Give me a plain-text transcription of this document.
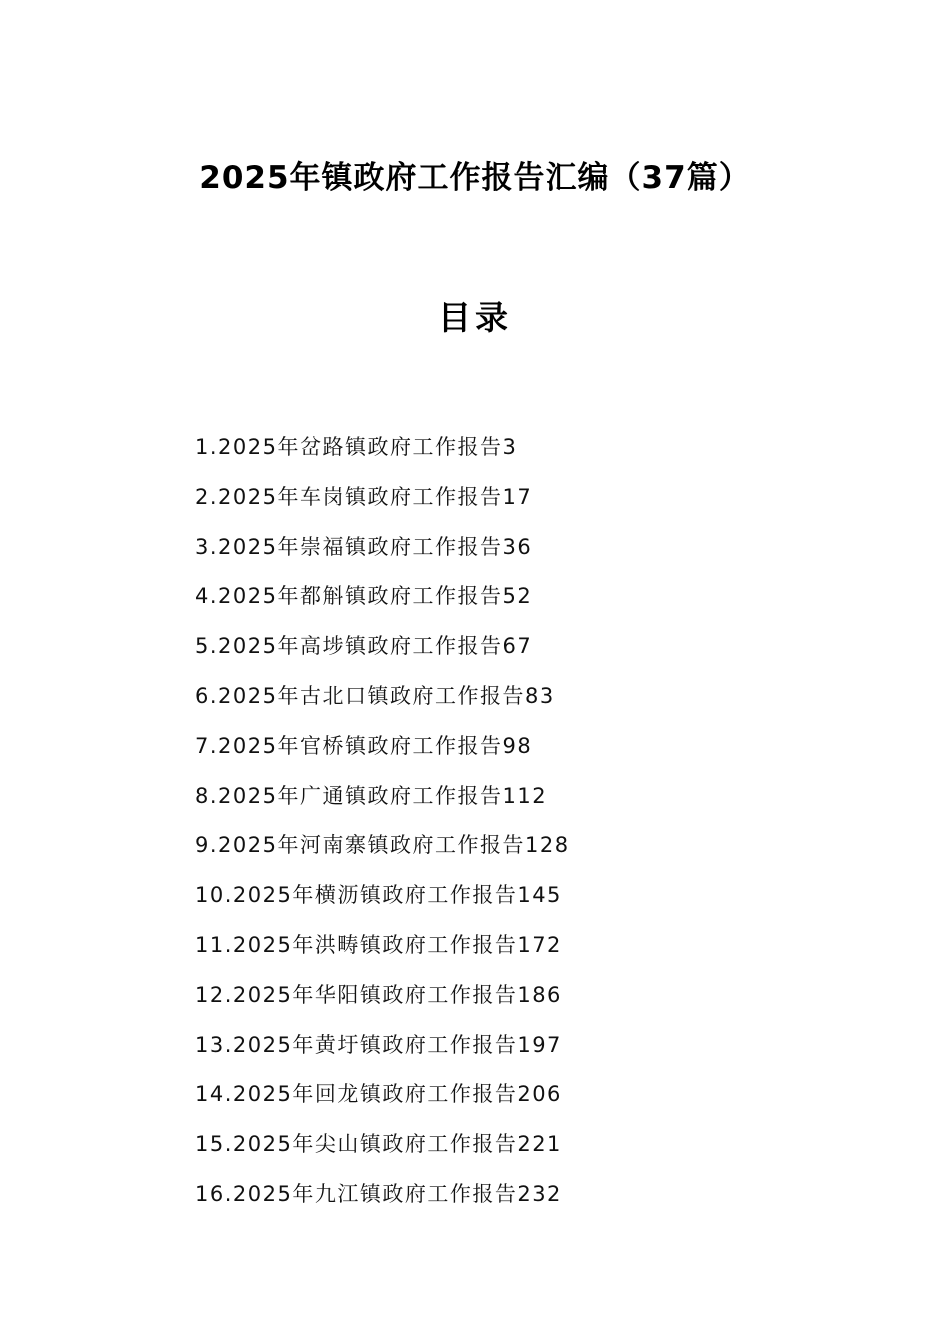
2025年镇政府工作报告汇编（37篇）
目录
1.2025年岔路镇政府工作报告3
2.2025年车岗镇政府工作报告17
3.2025年崇福镇政府工作报告36
4.2025年都斛镇政府工作报告52
5.2025年高埗镇政府工作报告67
6.2025年古北口镇政府工作报告83
7.2025年官桥镇政府工作报告98
8.2025年广通镇政府工作报告112
9.2025年河南寨镇政府工作报告128
10.2025年横沥镇政府工作报告145
11.2025年洪畴镇政府工作报告172
12.2025年华阳镇政府工作报告186
13.2025年黄圩镇政府工作报告197
14.2025年回龙镇政府工作报告206
15.2025年尖山镇政府工作报告221
16.2025年九江镇政府工作报告232
